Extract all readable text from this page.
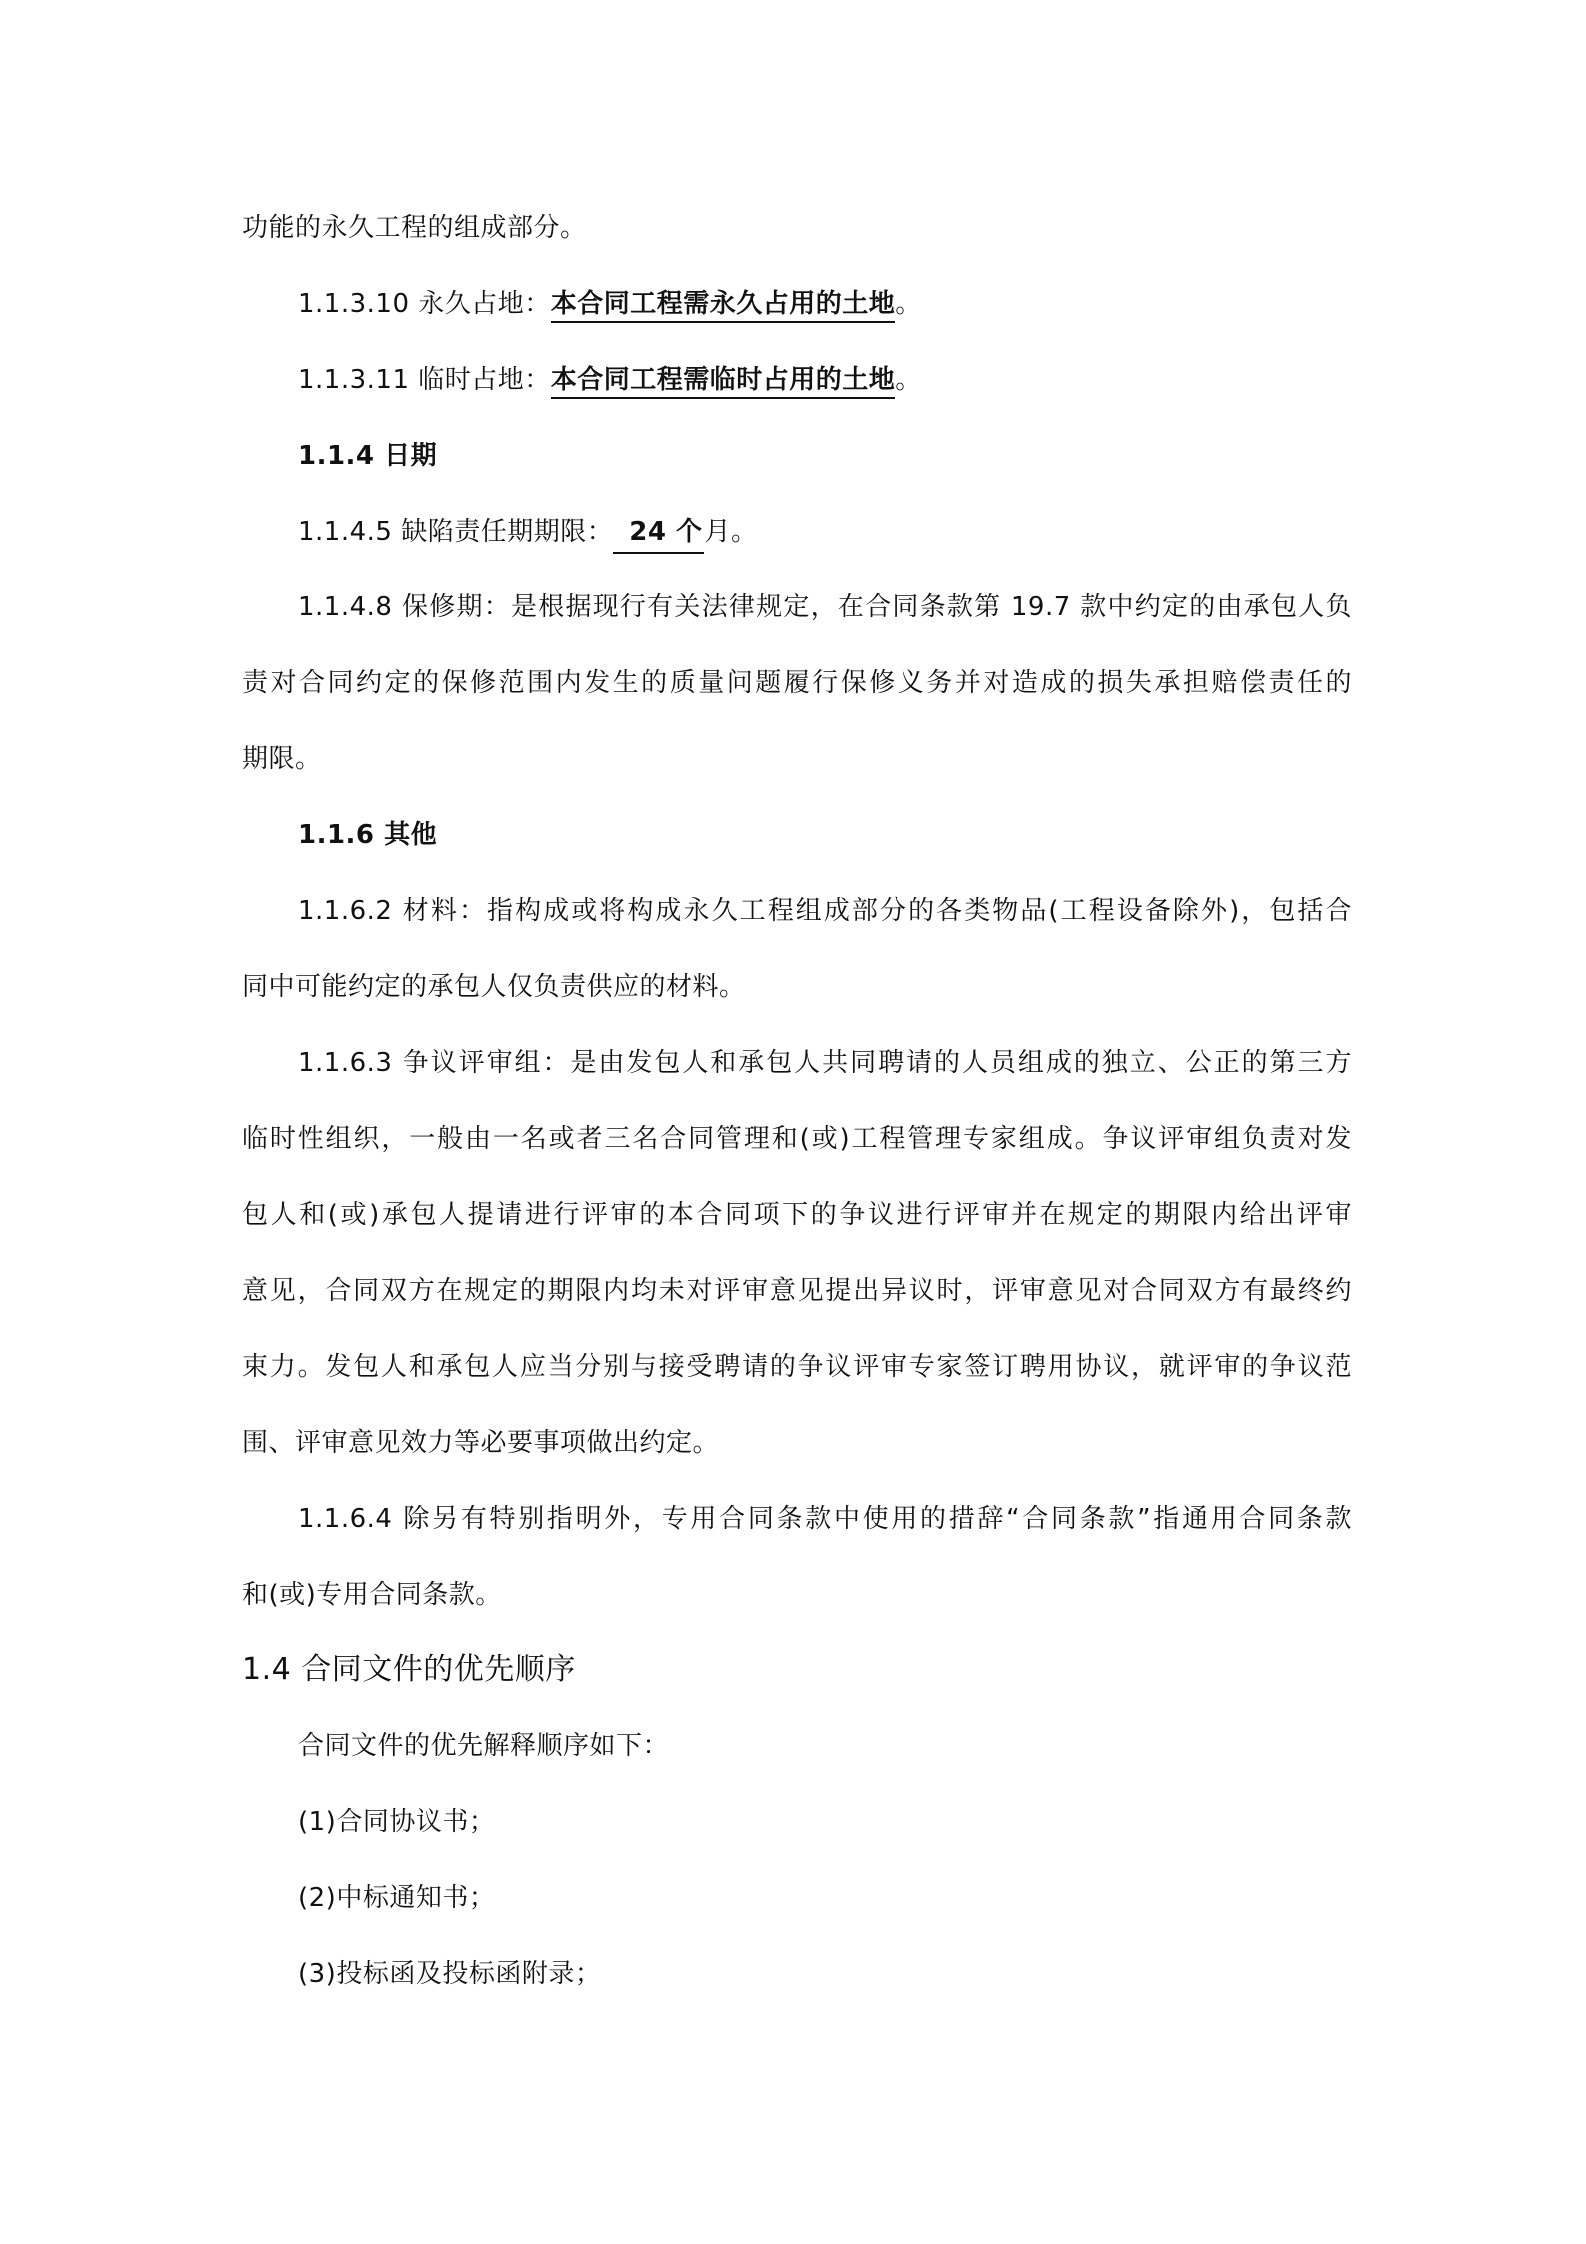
功能的永久工程的组成部分。
1.1.3.10 永久占地：本合同工程需永久占用的土地。
1.1.3.11 临时占地：本合同工程需临时占用的土地。
1.1.4 日期
1.1.4.5 缺陷责任期期限： 24 个月。
1.1.4.8 保修期：是根据现行有关法律规定，在合同条款第 19.7 款中约定的由承包人负
责对合同约定的保修范围内发生的质量问题履行保修义务并对造成的损失承担赔偿责任的
期限。
1.1.6 其他
1.1.6.2 材料：指构成或将构成永久工程组成部分的各类物品(工程设备除外)，包括合
同中可能约定的承包人仅负责供应的材料。
1.1.6.3 争议评审组：是由发包人和承包人共同聘请的人员组成的独立、公正的第三方
临时性组织，一般由一名或者三名合同管理和(或)工程管理专家组成。争议评审组负责对发
包人和(或)承包人提请进行评审的本合同项下的争议进行评审并在规定的期限内给出评审
意见，合同双方在规定的期限内均未对评审意见提出异议时，评审意见对合同双方有最终约
束力。发包人和承包人应当分别与接受聘请的争议评审专家签订聘用协议，就评审的争议范
围、评审意见效力等必要事项做出约定。
1.1.6.4 除另有特别指明外，专用合同条款中使用的措辞“合同条款”指通用合同条款
和(或)专用合同条款。
1.4 合同文件的优先顺序
合同文件的优先解释顺序如下：
(1)合同协议书；
(2)中标通知书；
(3)投标函及投标函附录；
